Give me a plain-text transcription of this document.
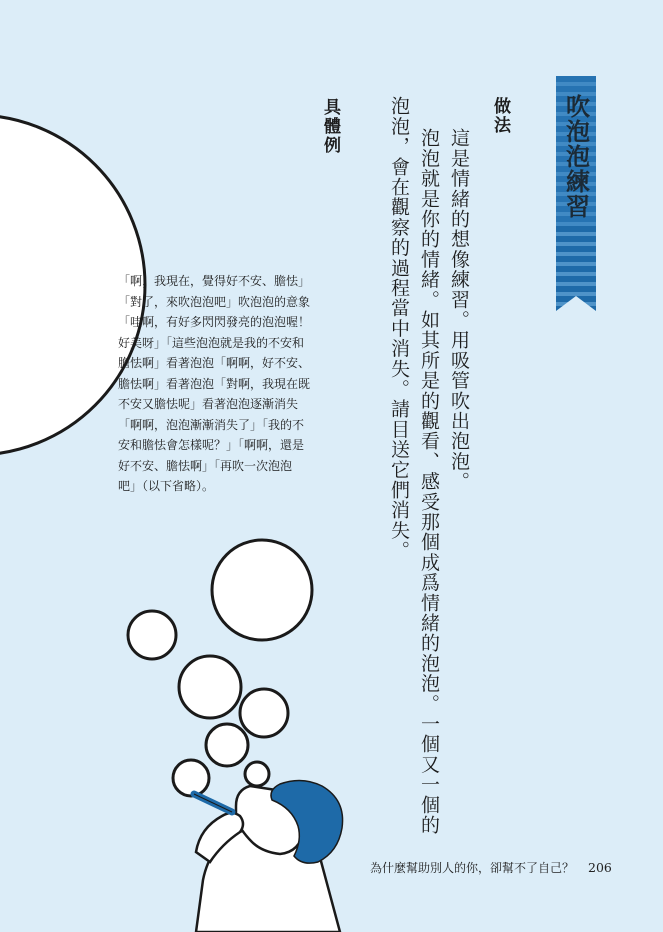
吹泡泡練習
做法
這是情緒的想像練習。用吸管吹出泡泡。
泡泡就是你的情緒。如其所是的觀看、感受那個成爲情緒的泡泡。一個又一個的
泡泡，會在觀察的過程當中消失。請目送它們消失。
具體例

「啊，我現在，覺得好不安、膽怯」

「對了，來吹泡泡吧」吹泡泡的意象

「哇啊，有好多閃閃發亮的泡泡喔！

好美呀」「這些泡泡就是我的不安和

膽怯啊」看著泡泡「啊啊，好不安、

膽怯啊」看著泡泡「對啊，我現在既

不安又膽怯呢」看著泡泡逐漸消失

「啊啊，泡泡漸漸消失了」「我的不

安和膽怯會怎樣呢？」「啊啊，還是

好不安、膽怯啊」「再吹一次泡泡

吧」（以下省略）。

為什麼幫助別人的你，卻幫不了自己？ 206
